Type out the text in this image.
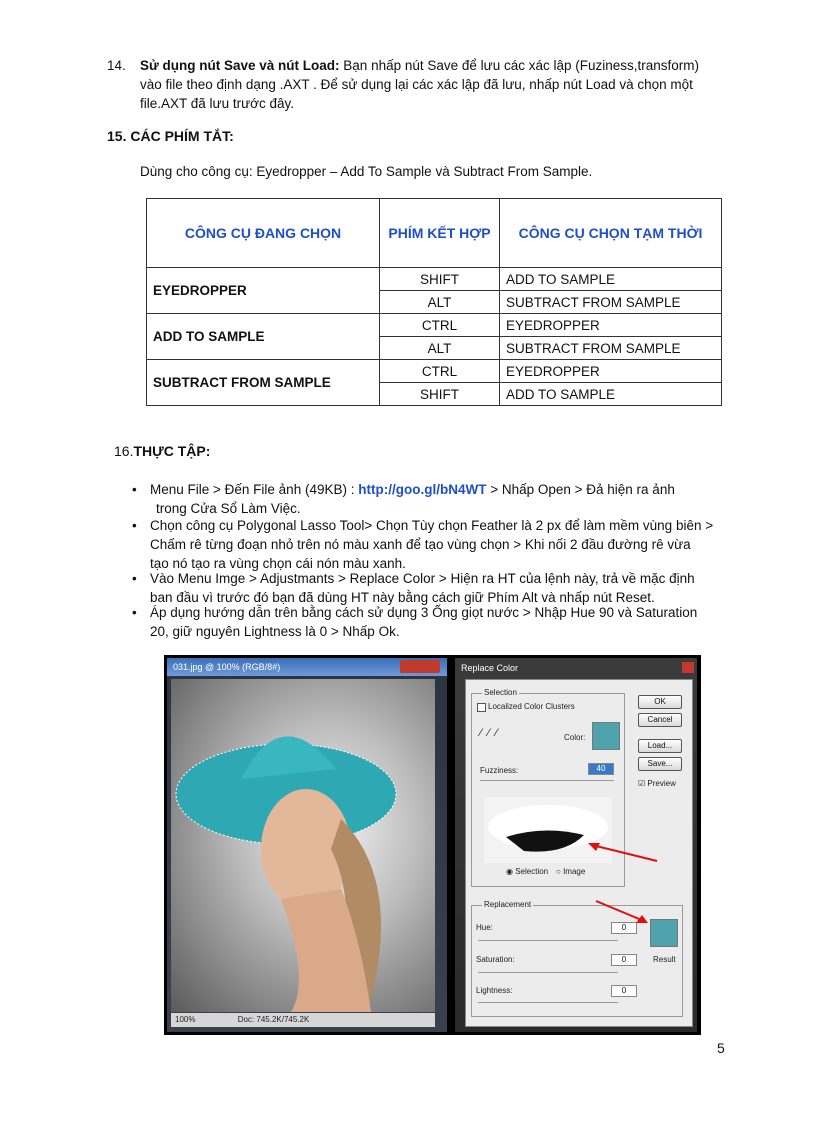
14. Sử dụng nút Save và nút Load: Bạn nhấp nút Save để lưu các xác lập (Fuziness,transform)
vào file theo định dạng .AXT . Để sử dụng lại các xác lập đã lưu, nhấp nút Load và chọn một
file.AXT đã lưu trước đây.
15. CÁC PHÍM TẮT:
Dùng cho công cụ: Eyedropper – Add To Sample và Subtract From Sample.
CÔNG CỤ ĐANG CHỌN	PHÍM KẾT HỢP	CÔNG CỤ CHỌN TẠM THỜI
EYEDROPPER	SHIFT	ADD TO SAMPLE
	ALT	SUBTRACT FROM SAMPLE
ADD TO SAMPLE	CTRL	EYEDROPPER
	ALT	SUBTRACT FROM SAMPLE
SUBTRACT FROM SAMPLE	CTRL	EYEDROPPER
	SHIFT	ADD TO SAMPLE
16.THỰC TẬP:
• Menu File > Đến File ảnh (49KB) : http://goo.gl/bN4WT > Nhấp Open > Đả hiện ra ảnh
trong Cửa Sổ Làm Việc.
• Chọn công cụ Polygonal Lasso Tool> Chọn Tùy chọn Feather là 2 px để làm mềm vùng biên >
Chấm rê từng đoạn nhỏ trên nó màu xanh để tạo vùng chọn > Khi nối 2 đầu đường rê vừa
tạo nó tạo ra vùng chọn cái nón màu xanh.
• Vào Menu Imge > Adjustmants > Replace Color > Hiện ra HT của lệnh này, trả về mặc định
ban đầu vì trước đó bạn đã dùng HT này bằng cách giữ Phím Alt và nhấp nút Reset.
• Áp dụng hướng dẫn trên bằng cách sử dụng 3 Ống giọt nước > Nhập Hue 90 và Saturation
20, giữ nguyên Lightness là 0 > Nhấp Ok.
031.jpg @ 100% (RGB/8#)
100%	Doc: 745.2K/745.2K
Replace Color
Selection
Localized Color Clusters
⁄⁄⁄	Color:
Fuzziness:	40
◉ Selection ○ Image
Replacement
Hue:	0
Saturation:	0
Lightness:	0
Result
OK
Cancel
Load...
Save...
☑ Preview
5
